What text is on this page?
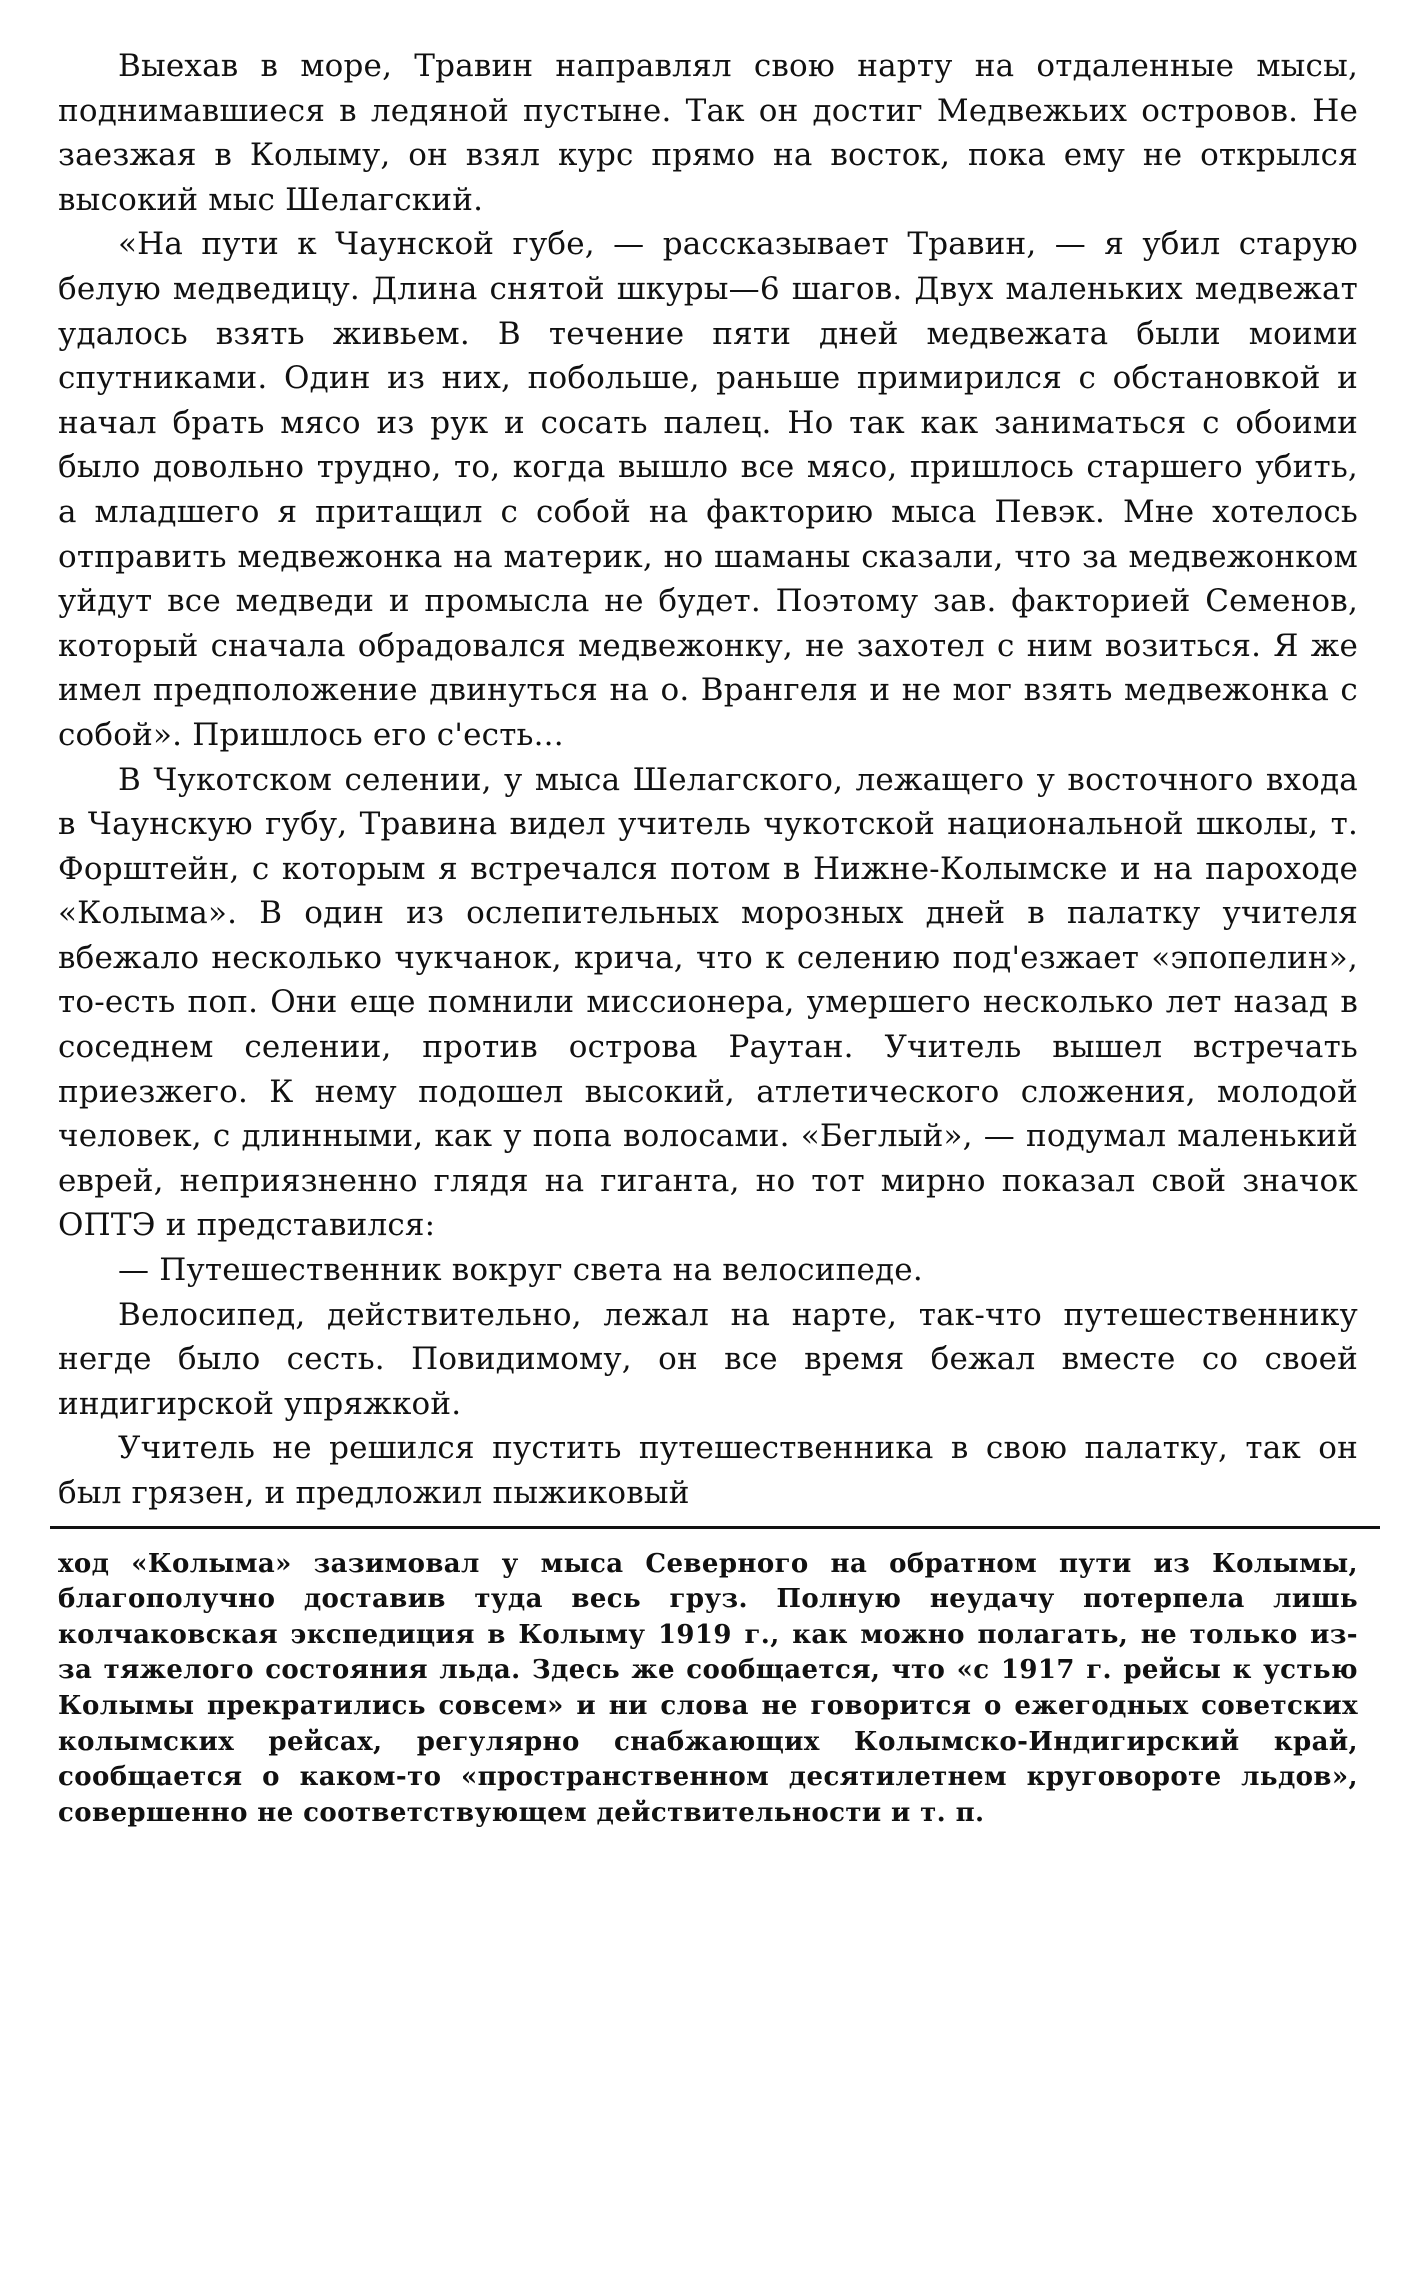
Выехав в море, Травин направлял свою нарту на отдаленные мысы, поднимавшиеся в ледяной пустыне. Так он достиг Медвежьих островов. Не заезжая в Колыму, он взял курс прямо на восток, пока ему не открылся высокий мыс Шелагский.

«На пути к Чаунской губе, — рассказывает Травин, — я убил старую белую медведицу. Длина снятой шкуры—6 шагов. Двух маленьких медвежат удалось взять живьем. В течение пяти дней медвежата были моими спутниками. Один из них, побольше, раньше примирился с обстановкой и начал брать мясо из рук и сосать палец. Но так как заниматься с обоими было довольно трудно, то, когда вышло все мясо, пришлось старшего убить, а младшего я притащил с собой на факторию мыса Певэк. Мне хотелось отправить медвежонка на материк, но шаманы сказали, что за медвежонком уйдут все медведи и промысла не будет. Поэтому зав. факторией Семенов, который сначала обрадовался медвежонку, не захотел с ним возиться. Я же имел предположение двинуться на о. Врангеля и не мог взять медвежонка с собой». Пришлось его с'есть...

В Чукотском селении, у мыса Шелагского, лежащего у восточного входа в Чаунскую губу, Травина видел учитель чукотской национальной школы, т. Форштейн, с которым я встречался потом в Нижне-Колымске и на пароходе «Колыма». В один из ослепительных морозных дней в палатку учителя вбежало несколько чукчанок, крича, что к селению под'езжает «эпопелин», то-есть поп. Они еще помнили миссионера, умершего несколько лет назад в соседнем селении, против острова Раутан. Учитель вышел встречать приезжего. К нему подошел высокий, атлетического сложения, молодой человек, с длинными, как у попа волосами. «Беглый», — подумал маленький еврей, неприязненно глядя на гиганта, но тот мирно показал свой значок ОПТЭ и представился:

— Путешественник вокруг света на велосипеде.

Велосипед, действительно, лежал на нарте, так-что путешественнику негде было сесть. Повидимому, он все время бежал вместе со своей индигирской упряжкой.

Учитель не решился пустить путешественника в свою палатку, так он был грязен, и предложил пыжиковый

ход «Колыма» зазимовал у мыса Северного на обратном пути из Колымы, благополучно доставив туда весь груз. Полную неудачу потерпела лишь колчаковская экспедиция в Колыму 1919 г., как можно полагать, не только из-за тяжелого состояния льда. Здесь же сообщается, что «с 1917 г. рейсы к устью Колымы прекратились совсем» и ни слова не говорится о ежегодных советских колымских рейсах, регулярно снабжающих Колымско-Индигирский край, сообщается о каком-то «пространственном десятилетнем круговороте льдов», совершенно не соответствующем действительности и т. п.
